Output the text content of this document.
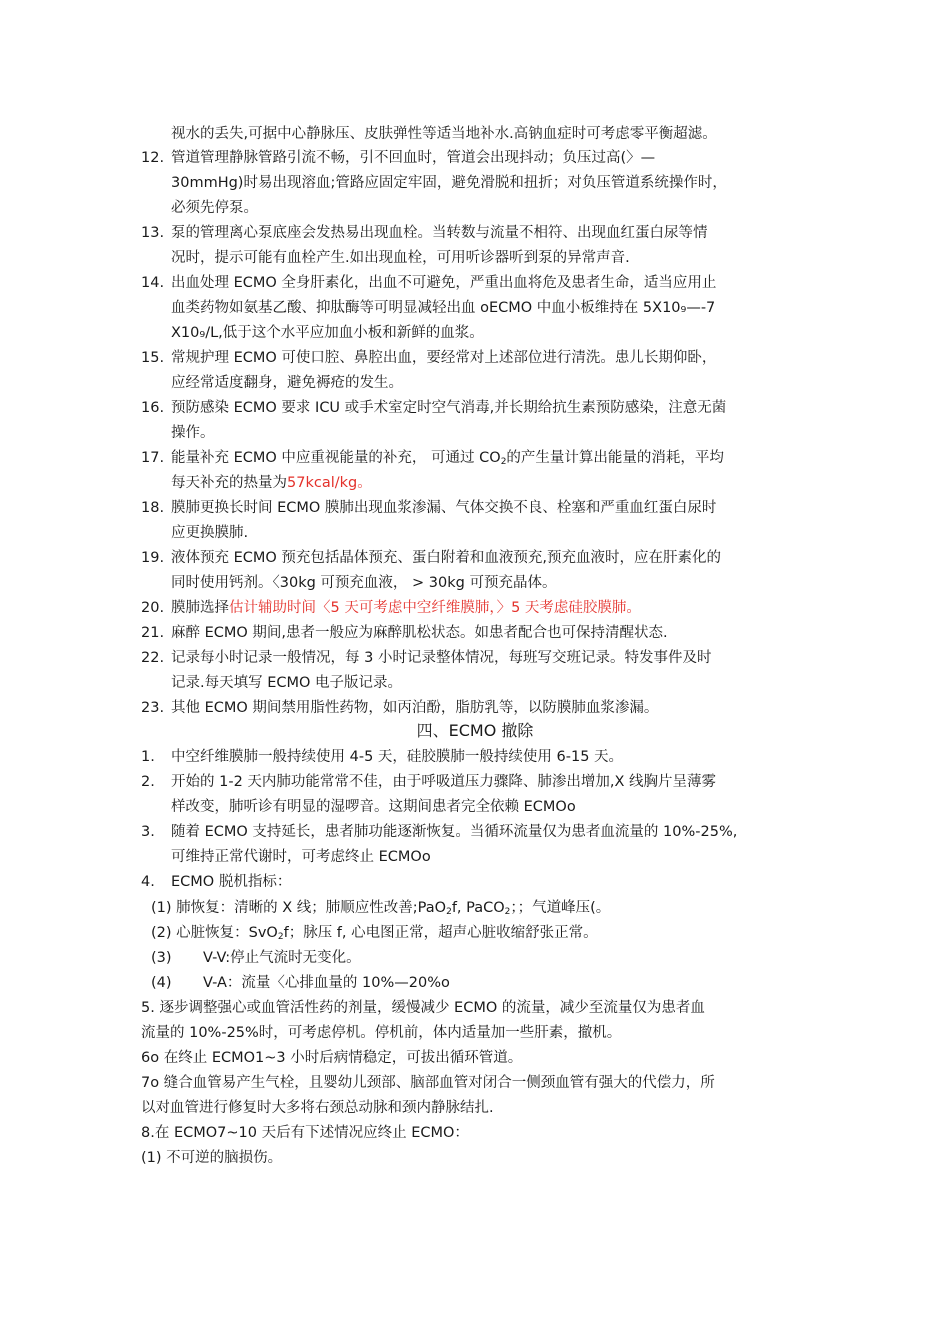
视水的丢失,可据中心静脉压、皮肤弹性等适当地补水.高钠血症时可考虑零平衡超滤。
12. 管道管理静脉管路引流不畅，引不回血时，管道会出现抖动；负压过高(〉—
30mmHg)时易出现溶血;管路应固定牢固，避免滑脱和扭折；对负压管道系统操作时，
必须先停泵。
13. 泵的管理离心泵底座会发热易出现血栓。当转数与流量不相符、出现血红蛋白尿等情
况时，提示可能有血栓产生.如出现血栓，可用听诊器听到泵的异常声音.
14. 出血处理 ECMO 全身肝素化，出血不可避免，严重出血将危及患者生命，适当应用止
血类药物如氨基乙酸、抑肽酶等可明显减轻出血 oECMO 中血小板维持在 5X10₉—-7
X10₉/L,低于这个水平应加血小板和新鲜的血浆。
15. 常规护理 ECMO 可使口腔、鼻腔出血，要经常对上述部位进行清洗。患儿长期仰卧，
应经常适度翻身，避免褥疮的发生。
16. 预防感染 ECMO 要求 ICU 或手术室定时空气消毒,并长期给抗生素预防感染，注意无菌
操作。
17. 能量补充 ECMO 中应重视能量的补充， 可通过 $CO_2$的产生量计算出能量的消耗，平均
每天补充的热量为57kcal/kg。
18. 膜肺更换长时间 ECMO 膜肺出现血浆渗漏、气体交换不良、栓塞和严重血红蛋白尿时
应更换膜肺.
19. 液体预充 ECMO 预充包括晶体预充、蛋白附着和血液预充,预充血液时，应在肝素化的
同时使用钙剂。〈30kg 可预充血液， > 30kg 可预充晶体。
20. 膜肺选择估计辅助时间〈5 天可考虑中空纤维膜肺，〉5 天考虑硅胶膜肺。
21. 麻醉 ECMO 期间,患者一般应为麻醉肌松状态。如患者配合也可保持清醒状态.
22. 记录每小时记录一般情况，每 3 小时记录整体情况，每班写交班记录。特发事件及时
记录.每天填写 ECMO 电子版记录。
23. 其他 ECMO 期间禁用脂性药物，如丙泊酚，脂肪乳等，以防膜肺血浆渗漏。
四、ECMO 撤除
1.	中空纤维膜肺一般持续使用 4-5 天，硅胶膜肺一般持续使用 6-15 天。
2.	开始的 1-2 天内肺功能常常不佳，由于呼吸道压力骤降、肺渗出增加,X 线胸片呈薄雾
样改变，肺听诊有明显的湿啰音。这期间患者完全依赖 ECMOo
3.	随着 ECMO 支持延长，患者肺功能逐渐恢复。当循环流量仅为患者血流量的 10%-25%,
可维持正常代谢时，可考虑终止 ECMOo
4.	ECMO 脱机指标：
(1) 肺恢复：清晰的 X 线；肺顺应性改善;PaO$_2$f, PaCO$_2$；；气道峰压(。
(2) 心脏恢复：SvO$_2$f；脉压 f, 心电图正常，超声心脏收缩舒张正常。
(3) V-V:停止气流时无变化。
(4) V-A：流量〈心排血量的 10%—20%o
5. 逐步调整强心或血管活性药的剂量，缓慢减少 ECMO 的流量，减少至流量仅为患者血
流量的 10%-25%时，可考虑停机。停机前，体内适量加一些肝素，撤机。
6o 在终止 ECMO1~3 小时后病情稳定，可拔出循环管道。
7o 缝合血管易产生气栓，且婴幼儿颈部、脑部血管对闭合一侧颈血管有强大的代偿力，所
以对血管进行修复时大多将右颈总动脉和颈内静脉结扎.
8.在 ECMO7~10 天后有下述情况应终止 ECMO：
(1) 不可逆的脑损伤。
